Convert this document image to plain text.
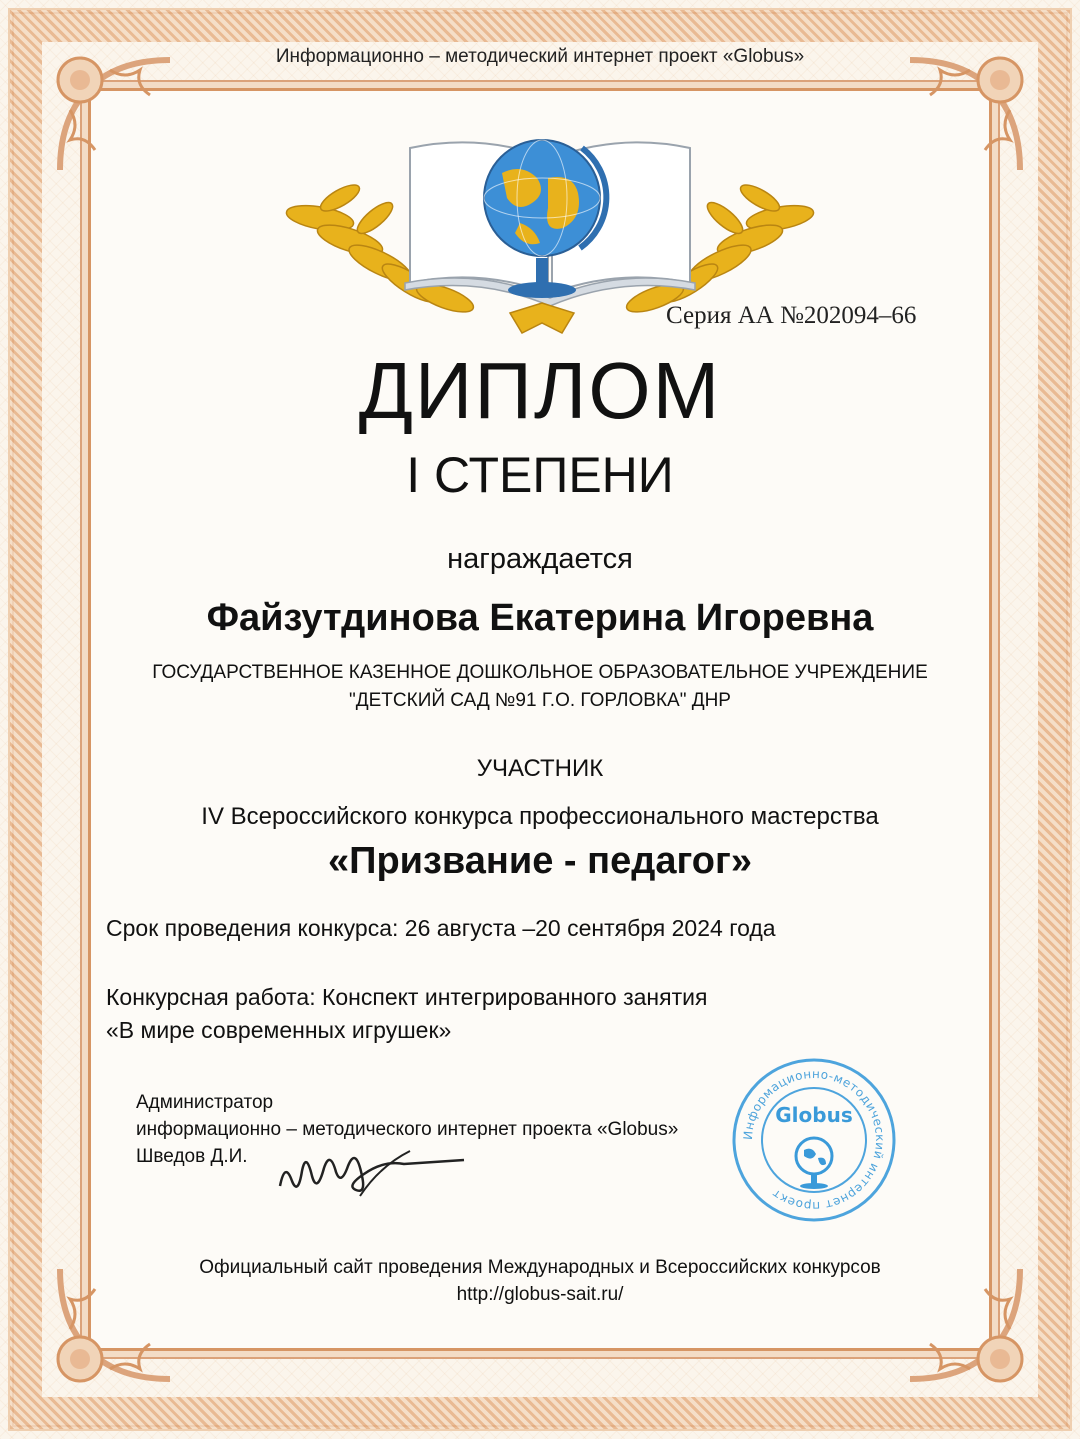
Информационно – методический интернет проект «Globus»
Серия АА №202094–66
ДИПЛОМ
I СТЕПЕНИ
награждается
Файзутдинова Екатерина Игоревна
ГОСУДАРСТВЕННОЕ КАЗЕННОЕ ДОШКОЛЬНОЕ ОБРАЗОВАТЕЛЬНОЕ УЧРЕЖДЕНИЕ
"ДЕТСКИЙ САД №91 Г.О. ГОРЛОВКА" ДНР
УЧАСТНИК
IV Всероссийского конкурса профессионального мастерства
«Призвание - педагог»
Срок проведения конкурса: 26 августа –20 сентября 2024 года
Конкурсная работа: Конспект интегрированного занятия
«В мире современных игрушек»
Администратор
информационно – методического интернет проекта «Globus»
Шведов Д.И.
Информационно-методический интернет проект
Globus
Официальный сайт проведения Международных и Всероссийских конкурсов
http://globus-sait.ru/
